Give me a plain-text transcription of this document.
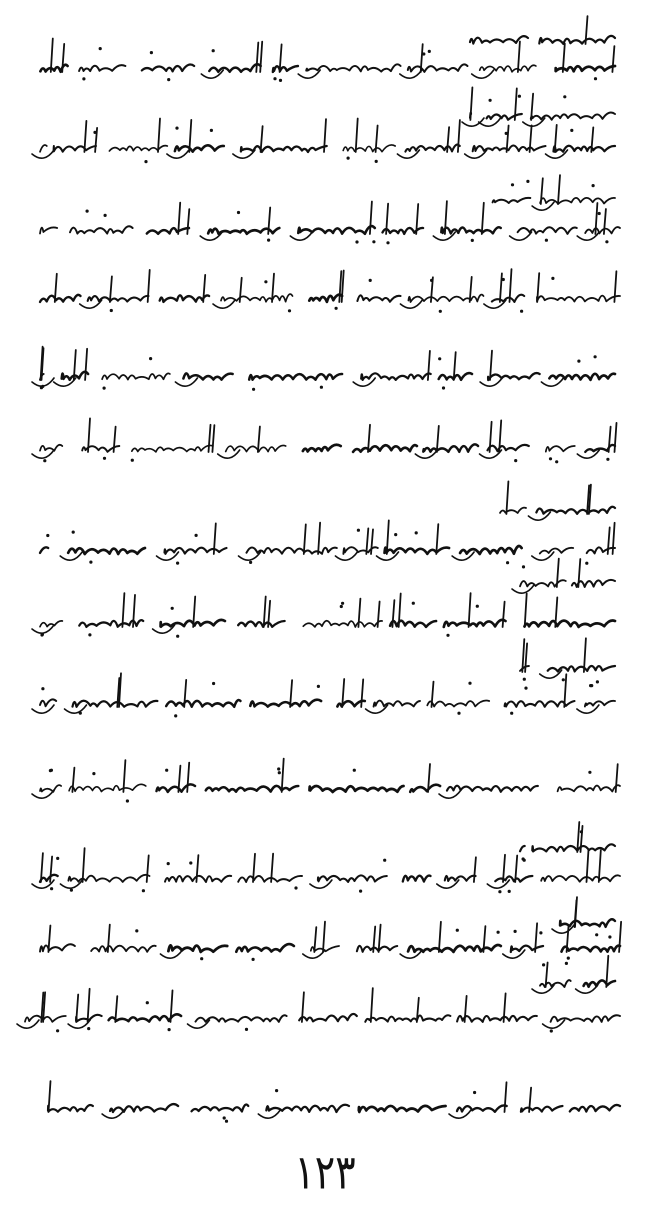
١٢٣
